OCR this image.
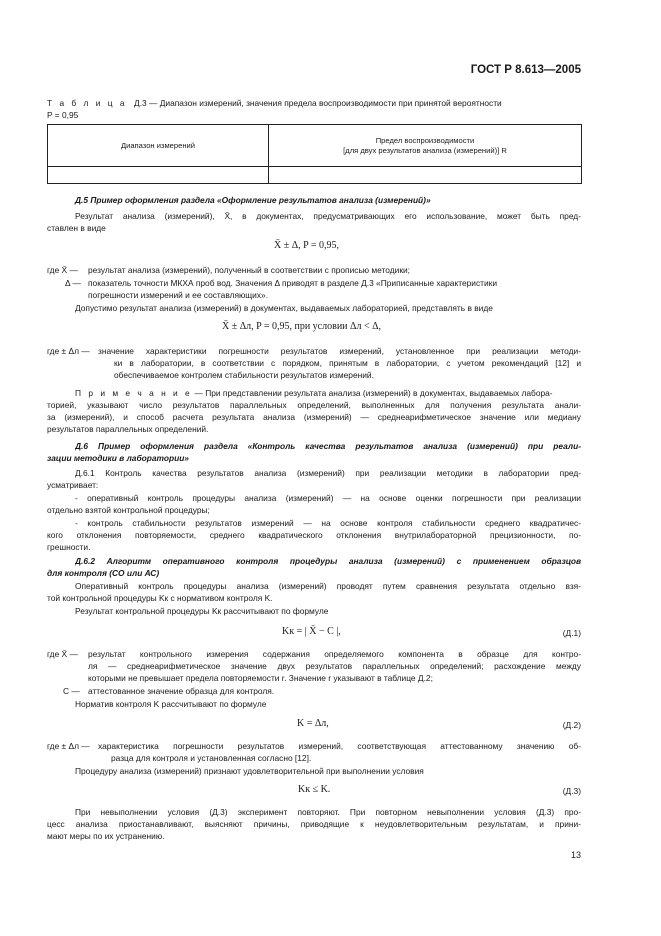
ГОСТ Р 8.613—2005
Т а б л и ц а Д.3 — Диапазон измерений, значения предела воспроизводимости при принятой вероятности
P = 0,95
Диапазон измерений	Предел воспроизводимости
[для двух результатов анализа (измерений)] R

Д.5 Пример оформления раздела «Оформление результатов анализа (измерений)»
Результат анализа (измерений), X̄, в документах, предусматривающих его использование, может быть пред-
ставлен в виде
X̄ ± Δ, P = 0,95,
где X̄ — результат анализа (измерений), полученный в соответствии с прописью методики;
Δ — показатель точности МКХА проб вод. Значения Δ приводят в разделе Д.3 «Приписанные характеристики
погрешности измерений и ее составляющих».
Допустимо результат анализа (измерений) в документах, выдаваемых лабораторией, представлять в виде
X̄ ± Δл, P = 0,95, при условии Δл < Δ,
где ± Δл — значение характеристики погрешности результатов измерений, установленное при реализации методи-
ки в лаборатории, в соответствии с порядком, принятым в лаборатории, с учетом рекомендаций [12] и
обеспечиваемое контролем стабильности результатов измерений.
П р и м е ч а н и е — При представлении результата анализа (измерений) в документах, выдаваемых лабора-
торией, указывают число результатов параллельных определений, выполненных для получения результата анали-
за (измерений), и способ расчета результата анализа (измерений) — среднеарифметическое значение или медиану
результатов параллельных определений.
Д.6 Пример оформления раздела «Контроль качества результатов анализа (измерений) при реали-
зации методики в лаборатории»
Д.6.1 Контроль качества результатов анализа (измерений) при реализации методики в лаборатории пред-
усматривает:
- оперативный контроль процедуры анализа (измерений) — на основе оценки погрешности при реализации
отдельно взятой контрольной процедуры;
- контроль стабильности результатов измерений — на основе контроля стабильности среднего квадратичес-
кого отклонения повторяемости, среднего квадратического отклонения внутрилабораторной прецизионности, по-
грешности.
Д.6.2 Алгоритм оперативного контроля процедуры анализа (измерений) с применением образцов
для контроля (СО или АС)
Оперативный контроль процедуры анализа (измерений) проводят путем сравнения результата отдельно взя-
той контрольной процедуры Kк с нормативом контроля K.
Результат контрольной процедуры Kк рассчитывают по формуле
Kк = | X̄ − C |,	(Д.1)
где X̄ — результат контрольного измерения содержания определяемого компонента в образце для контро-
ля — среднеарифметическое значение двух результатов параллельных определений; расхождение между
которыми не превышает предела повторяемости r. Значение r указывают в таблице Д.2;
C — аттестованное значение образца для контроля.
Норматив контроля K рассчитывают по формуле
K = Δл,	(Д.2)
где ± Δл — характеристика погрешности результатов измерений, соответствующая аттестованному значению об-
разца для контроля и установленная согласно [12].
Процедуру анализа (измерений) признают удовлетворительной при выполнении условия
Kк ≤ K.	(Д.3)
При невыполнении условия (Д.3) эксперимент повторяют. При повторном невыполнении условия (Д.3) про-
цесс анализа приостанавливают, выясняют причины, приводящие к неудовлетворительным результатам, и прини-
мают меры по их устранению.
13
